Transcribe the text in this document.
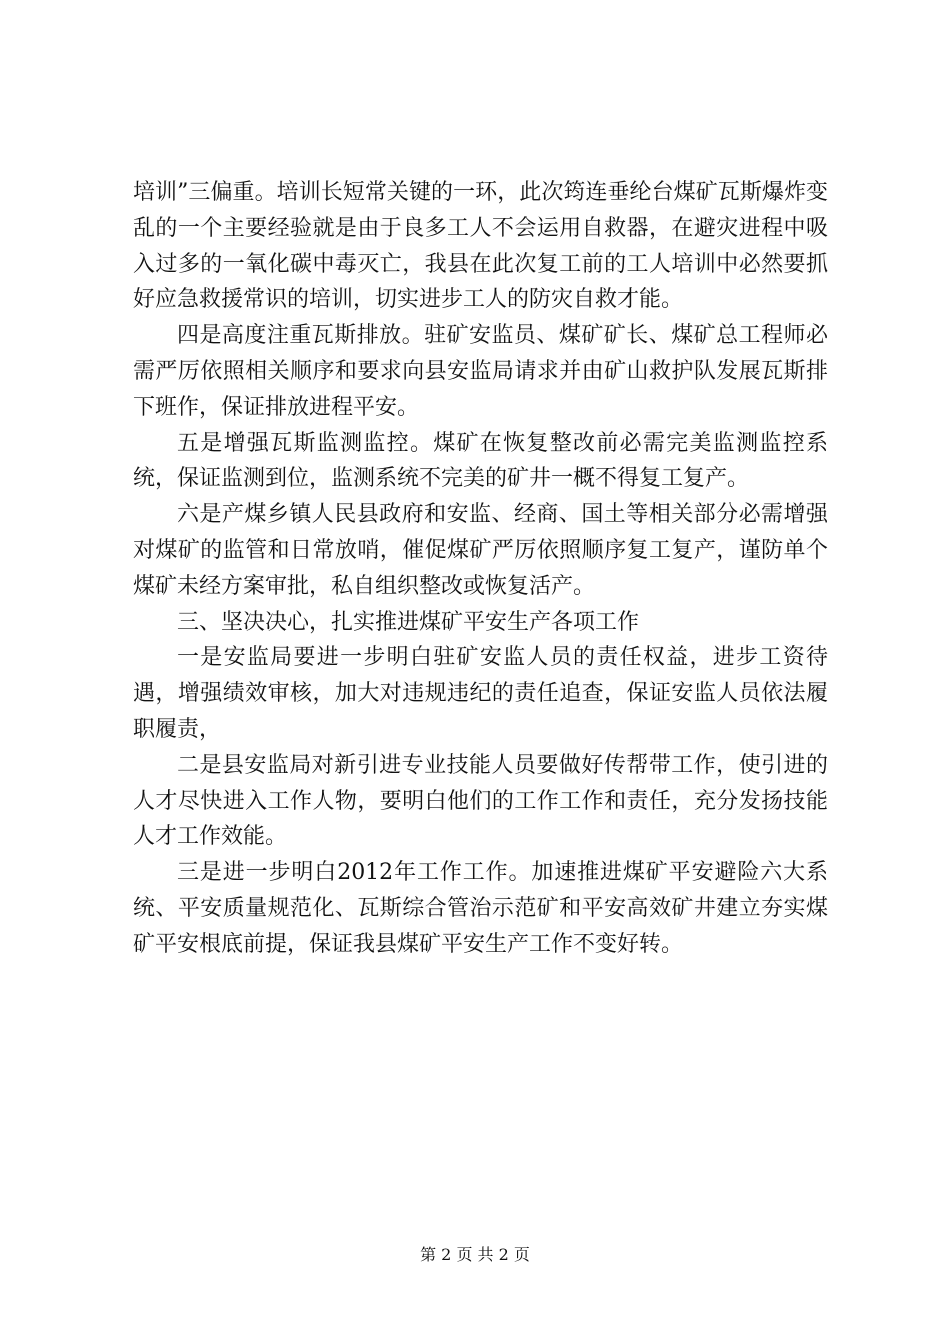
培训”三偏重。培训长短常关键的一环，此次筠连垂纶台煤矿瓦斯爆炸变乱的一个主要经验就是由于良多工人不会运用自救器，在避灾进程中吸入过多的一氧化碳中毒灭亡，我县在此次复工前的工人培训中必然要抓好应急救援常识的培训，切实进步工人的防灾自救才能。

四是高度注重瓦斯排放。驻矿安监员、煤矿矿长、煤矿总工程师必需严厉依照相关顺序和要求向县安监局请求并由矿山救护队发展瓦斯排下班作，保证排放进程平安。

五是增强瓦斯监测监控。煤矿在恢复整改前必需完美监测监控系统，保证监测到位，监测系统不完美的矿井一概不得复工复产。

六是产煤乡镇人民县政府和安监、经商、国土等相关部分必需增强对煤矿的监管和日常放哨，催促煤矿严厉依照顺序复工复产，谨防单个煤矿未经方案审批，私自组织整改或恢复活产。

三、坚决决心，扎实推进煤矿平安生产各项工作

一是安监局要进一步明白驻矿安监人员的责任权益，进步工资待遇，增强绩效审核，加大对违规违纪的责任追查，保证安监人员依法履职履责，

二是县安监局对新引进专业技能人员要做好传帮带工作，使引进的人才尽快进入工作人物，要明白他们的工作工作和责任，充分发扬技能人才工作效能。

三是进一步明白2012年工作工作。加速推进煤矿平安避险六大系统、平安质量规范化、瓦斯综合管治示范矿和平安高效矿井建立夯实煤矿平安根底前提，保证我县煤矿平安生产工作不变好转。

第 2 页 共 2 页
